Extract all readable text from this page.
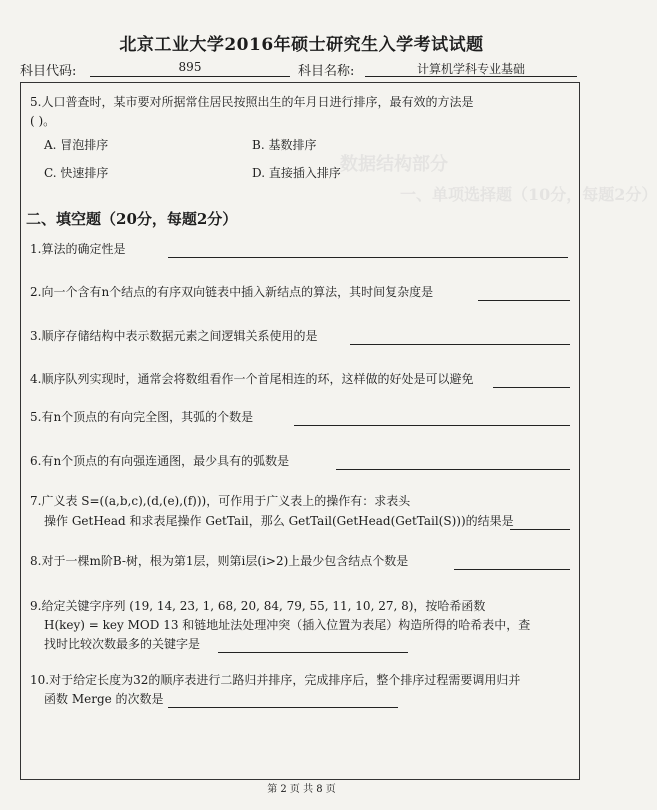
数据结构部分
一、单项选择题（10分，每题2分）
北京工业大学2016年硕士研究生入学考试试题
科目代码:	895	科目名称:	计算机学科专业基础
5.人口普查时，某市要对所据常住居民按照出生的年月日进行排序，最有效的方法是
( )。
A. 冒泡排序	B. 基数排序
C. 快速排序	D. 直接插入排序
二、填空题（20分，每题2分）
1.算法的确定性是
2.向一个含有n个结点的有序双向链表中插入新结点的算法，其时间复杂度是
3.顺序存储结构中表示数据元素之间逻辑关系使用的是
4.顺序队列实现时，通常会将数组看作一个首尾相连的环，这样做的好处是可以避免
5.有n个顶点的有向完全图，其弧的个数是
6.有n个顶点的有向强连通图，最少具有的弧数是
7.广义表 S=((a,b,c),(d,(e),(f)))，可作用于广义表上的操作有：求表头
操作 GetHead 和求表尾操作 GetTail，那么 GetTail(GetHead(GetTail(S)))的结果是
8.对于一棵m阶B-树，根为第1层，则第i层(i>2)上最少包含结点个数是
9.给定关键字序列 (19, 14, 23, 1, 68, 20, 84, 79, 55, 11, 10, 27, 8)，按哈希函数
H(key) = key MOD 13 和链地址法处理冲突（插入位置为表尾）构造所得的哈希表中，查
找时比较次数最多的关键字是
10.对于给定长度为32的顺序表进行二路归并排序，完成排序后，整个排序过程需要调用归并
函数 Merge 的次数是
第 2 页 共 8 页
